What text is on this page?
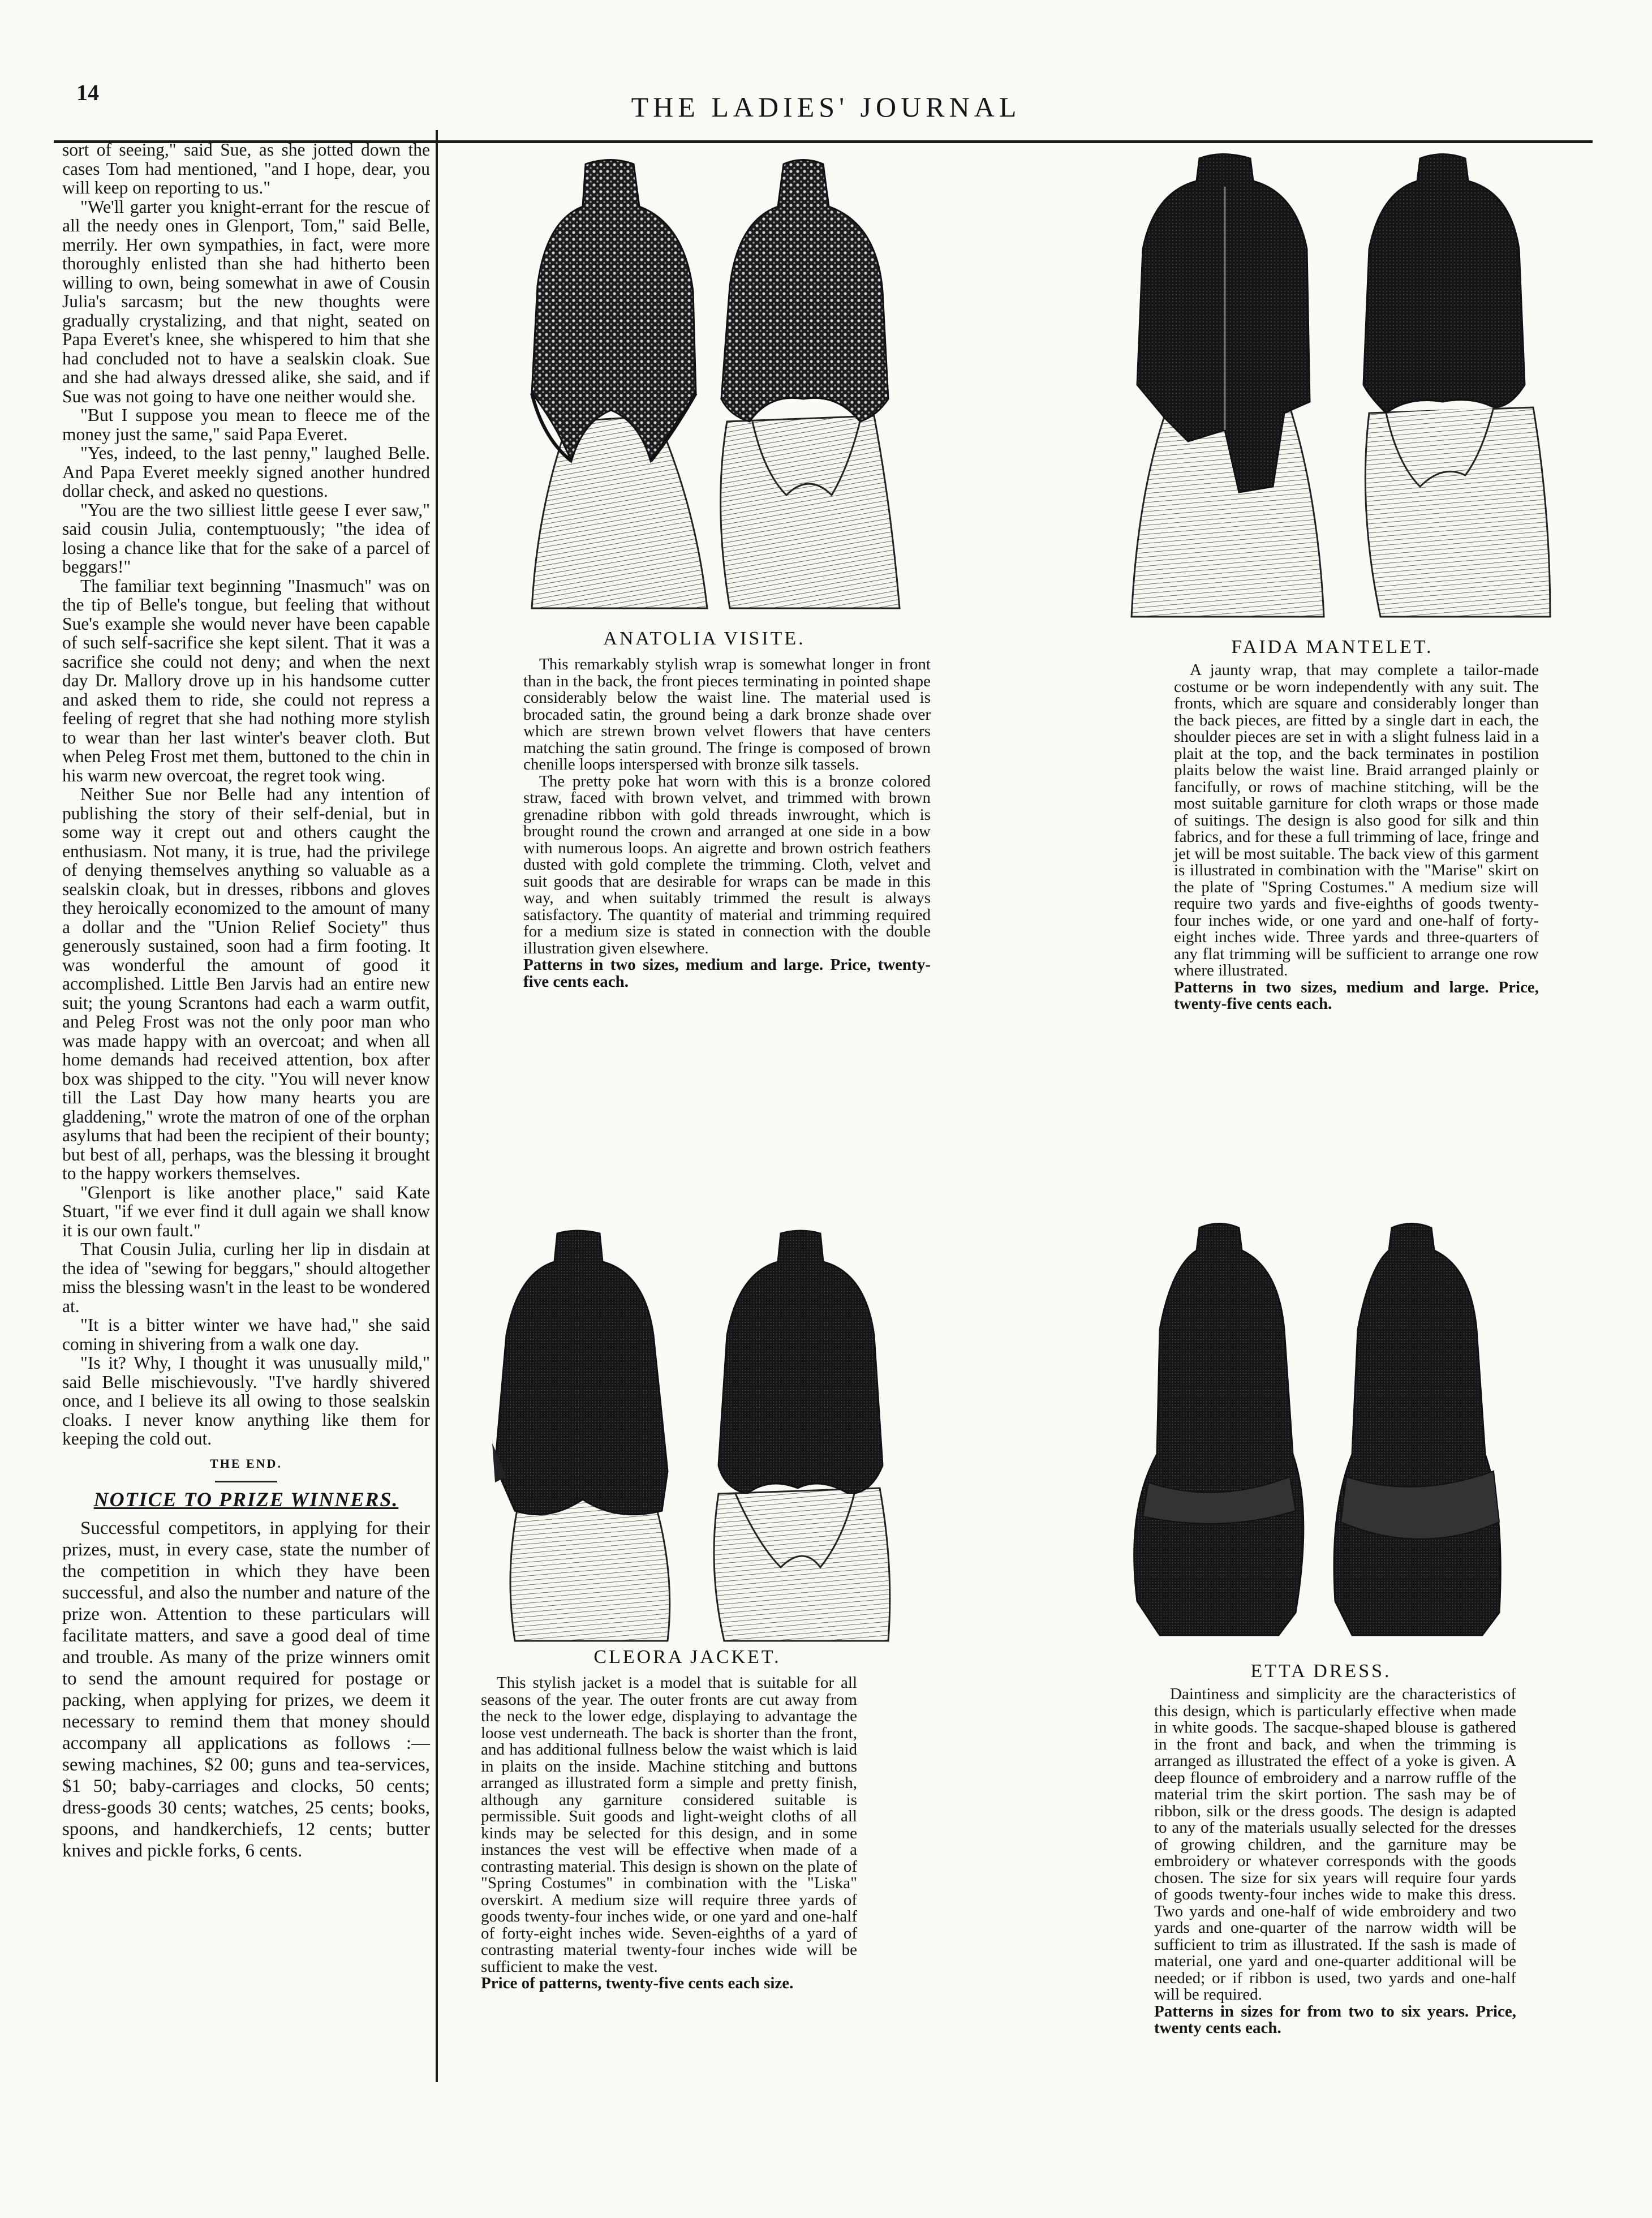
14	THE LADIES' JOURNAL

sort of seeing," said Sue, as she jotted down the cases Tom had mentioned, "and I hope, dear, you will keep on reporting to us."

"We'll garter you knight-errant for the rescue of all the needy ones in Glenport, Tom," said Belle, merrily. Her own sympathies, in fact, were more thoroughly enlisted than she had hitherto been willing to own, being somewhat in awe of Cousin Julia's sarcasm; but the new thoughts were gradually crystalizing, and that night, seated on Papa Everet's knee, she whispered to him that she had concluded not to have a sealskin cloak. Sue and she had always dressed alike, she said, and if Sue was not going to have one neither would she.

"But I suppose you mean to fleece me of the money just the same," said Papa Everet.

"Yes, indeed, to the last penny," laughed Belle. And Papa Everet meekly signed another hundred dollar check, and asked no questions.

"You are the two silliest little geese I ever saw," said cousin Julia, contemptuously; "the idea of losing a chance like that for the sake of a parcel of beggars!"

The familiar text beginning "Inasmuch" was on the tip of Belle's tongue, but feeling that without Sue's example she would never have been capable of such self-sacrifice she kept silent. That it was a sacrifice she could not deny; and when the next day Dr. Mallory drove up in his handsome cutter and asked them to ride, she could not repress a feeling of regret that she had nothing more stylish to wear than her last winter's beaver cloth. But when Peleg Frost met them, buttoned to the chin in his warm new overcoat, the regret took wing.

Neither Sue nor Belle had any intention of publishing the story of their self-denial, but in some way it crept out and others caught the enthusiasm. Not many, it is true, had the privilege of denying themselves anything so valuable as a sealskin cloak, but in dresses, ribbons and gloves they heroically economized to the amount of many a dollar and the "Union Relief Society" thus generously sustained, soon had a firm footing. It was wonderful the amount of good it accomplished. Little Ben Jarvis had an entire new suit; the young Scrantons had each a warm outfit, and Peleg Frost was not the only poor man who was made happy with an overcoat; and when all home demands had received attention, box after box was shipped to the city. "You will never know till the Last Day how many hearts you are gladdening," wrote the matron of one of the orphan asylums that had been the recipient of their bounty; but best of all, perhaps, was the blessing it brought to the happy workers themselves.

"Glenport is like another place," said Kate Stuart, "if we ever find it dull again we shall know it is our own fault."

That Cousin Julia, curling her lip in disdain at the idea of "sewing for beggars," should altogether miss the blessing wasn't in the least to be wondered at.

"It is a bitter winter we have had," she said coming in shivering from a walk one day.

"Is it? Why, I thought it was unusually mild," said Belle mischievously. "I've hardly shivered once, and I believe its all owing to those sealskin cloaks. I never know anything like them for keeping the cold out.

THE END.
NOTICE TO PRIZE WINNERS.

Successful competitors, in applying for their prizes, must, in every case, state the number of the competition in which they have been successful, and also the number and nature of the prize won. Attention to these particulars will facilitate matters, and save a good deal of time and trouble. As many of the prize winners omit to send the amount required for postage or packing, when applying for prizes, we deem it necessary to remind them that money should accompany all applications as follows :— sewing machines, $2 00; guns and tea-services, $1 50; baby-carriages and clocks, 50 cents; dress-goods 30 cents; watches, 25 cents; books, spoons, and handkerchiefs, 12 cents; butter knives and pickle forks, 6 cents.

ANATOLIA VISITE.

This remarkably stylish wrap is somewhat longer in front than in the back, the front pieces terminating in pointed shape considerably below the waist line. The material used is brocaded satin, the ground being a dark bronze shade over which are strewn brown velvet flowers that have centers matching the satin ground. The fringe is composed of brown chenille loops interspersed with bronze silk tassels.

The pretty poke hat worn with this is a bronze colored straw, faced with brown velvet, and trimmed with brown grenadine ribbon with gold threads inwrought, which is brought round the crown and arranged at one side in a bow with numerous loops. An aigrette and brown ostrich feathers dusted with gold complete the trimming. Cloth, velvet and suit goods that are desirable for wraps can be made in this way, and when suitably trimmed the result is always satisfactory. The quantity of material and trimming required for a medium size is stated in connection with the double illustration given elsewhere.

Patterns in two sizes, medium and large. Price, twenty-five cents each.

FAIDA MANTELET.

A jaunty wrap, that may complete a tailor-made costume or be worn independently with any suit. The fronts, which are square and considerably longer than the back pieces, are fitted by a single dart in each, the shoulder pieces are set in with a slight fulness laid in a plait at the top, and the back terminates in postilion plaits below the waist line. Braid arranged plainly or fancifully, or rows of machine stitching, will be the most suitable garniture for cloth wraps or those made of suitings. The design is also good for silk and thin fabrics, and for these a full trimming of lace, fringe and jet will be most suitable. The back view of this garment is illustrated in combination with the "Marise" skirt on the plate of "Spring Costumes." A medium size will require two yards and five-eighths of goods twenty-four inches wide, or one yard and one-half of forty-eight inches wide. Three yards and three-quarters of any flat trimming will be sufficient to arrange one row where illustrated.

Patterns in two sizes, medium and large. Price, twenty-five cents each.

CLEORA JACKET.

This stylish jacket is a model that is suitable for all seasons of the year. The outer fronts are cut away from the neck to the lower edge, displaying to advantage the loose vest underneath. The back is shorter than the front, and has additional fullness below the waist which is laid in plaits on the inside. Machine stitching and buttons arranged as illustrated form a simple and pretty finish, although any garniture considered suitable is permissible. Suit goods and light-weight cloths of all kinds may be selected for this design, and in some instances the vest will be effective when made of a contrasting material. This design is shown on the plate of "Spring Costumes" in combination with the "Liska" overskirt. A medium size will require three yards of goods twenty-four inches wide, or one yard and one-half of forty-eight inches wide. Seven-eighths of a yard of contrasting material twenty-four inches wide will be sufficient to make the vest.

Price of patterns, twenty-five cents each size.

ETTA DRESS.

Daintiness and simplicity are the characteristics of this design, which is particularly effective when made in white goods. The sacque-shaped blouse is gathered in the front and back, and when the trimming is arranged as illustrated the effect of a yoke is given. A deep flounce of embroidery and a narrow ruffle of the material trim the skirt portion. The sash may be of ribbon, silk or the dress goods. The design is adapted to any of the materials usually selected for the dresses of growing children, and the garniture may be embroidery or whatever corresponds with the goods chosen. The size for six years will require four yards of goods twenty-four inches wide to make this dress. Two yards and one-half of wide embroidery and two yards and one-quarter of the narrow width will be sufficient to trim as illustrated. If the sash is made of material, one yard and one-quarter additional will be needed; or if ribbon is used, two yards and one-half will be required.

Patterns in sizes for from two to six years. Price, twenty cents each.
